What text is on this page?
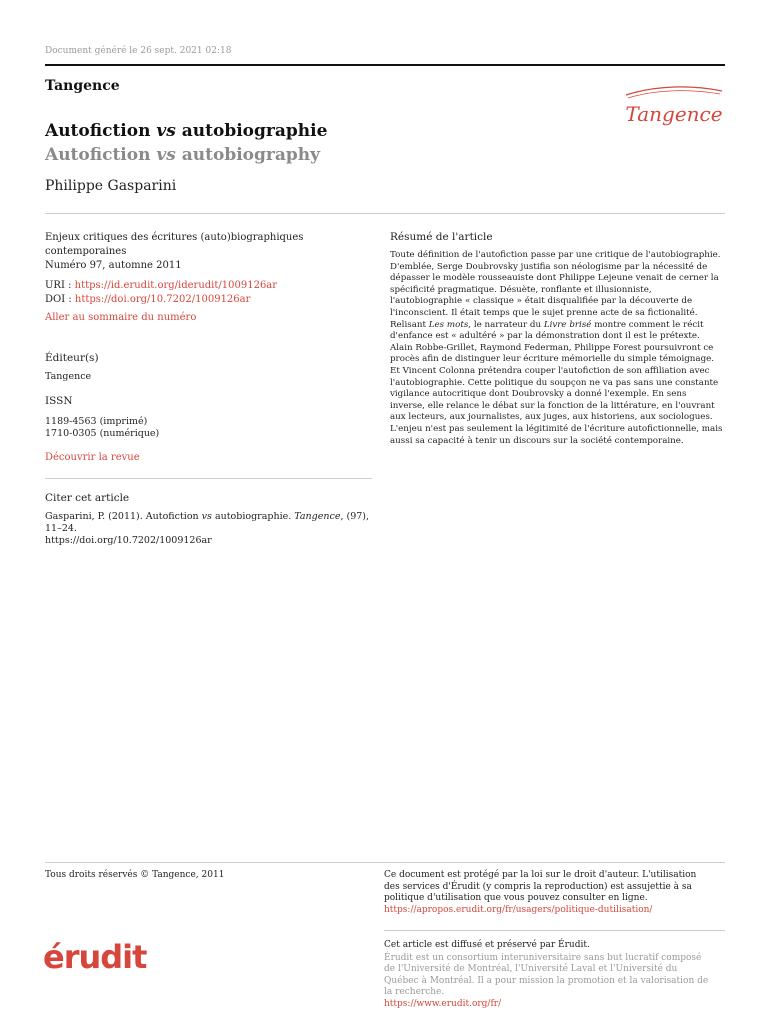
Document généré le 26 sept. 2021 02:18
Tangence
Tangence
Autofiction vs autobiographie
Autofiction vs autobiography
Philippe Gasparini
Enjeux critiques des écritures (auto)biographiques contemporaines
Numéro 97, automne 2011
URI : https://id.erudit.org/iderudit/1009126ar
DOI : https://doi.org/10.7202/1009126ar
Aller au sommaire du numéro
Éditeur(s)
Tangence
ISSN
1189-4563 (imprimé)
1710-0305 (numérique)
Découvrir la revue
Citer cet article
Gasparini, P. (2011). Autofiction vs autobiographie. Tangence, (97), 11–24.
https://doi.org/10.7202/1009126ar
Résumé de l'article

Toute définition de l'autofiction passe par une critique de l'autobiographie. D'emblée, Serge Doubrovsky justifia son néologisme par la nécessité de dépasser le modèle rousseauiste dont Philippe Lejeune venait de cerner la spécificité pragmatique. Désuète, ronflante et illusionniste, l'autobiographie « classique » était disqualifiée par la découverte de l'inconscient. Il était temps que le sujet prenne acte de sa fictionalité. Relisant Les mots, le narrateur du Livre brisé montre comment le récit d'enfance est « adultéré » par la démonstration dont il est le prétexte. Alain Robbe-Grillet, Raymond Federman, Philippe Forest poursuivront ce procès afin de distinguer leur écriture mémorielle du simple témoignage. Et Vincent Colonna prétendra couper l'autofiction de son affiliation avec l'autobiographie. Cette politique du soupçon ne va pas sans une constante vigilance autocritique dont Doubrovsky a donné l'exemple. En sens inverse, elle relance le débat sur la fonction de la littérature, en l'ouvrant aux lecteurs, aux journalistes, aux juges, aux historiens, aux sociologues. L'enjeu n'est pas seulement la légitimité de l'écriture autofictionnelle, mais aussi sa capacité à tenir un discours sur la société contemporaine.

Tous droits réservés © Tangence, 2011	Ce document est protégé par la loi sur le droit d'auteur. L'utilisation des services d'Érudit (y compris la reproduction) est assujettie à sa politique d'utilisation que vous pouvez consulter en ligne.
https://apropos.erudit.org/fr/usagers/politique-dutilisation/
érudit	Cet article est diffusé et préservé par Érudit.
Érudit est un consortium interuniversitaire sans but lucratif composé de l'Université de Montréal, l'Université Laval et l'Université du Québec à Montréal. Il a pour mission la promotion et la valorisation de la recherche.
https://www.erudit.org/fr/
